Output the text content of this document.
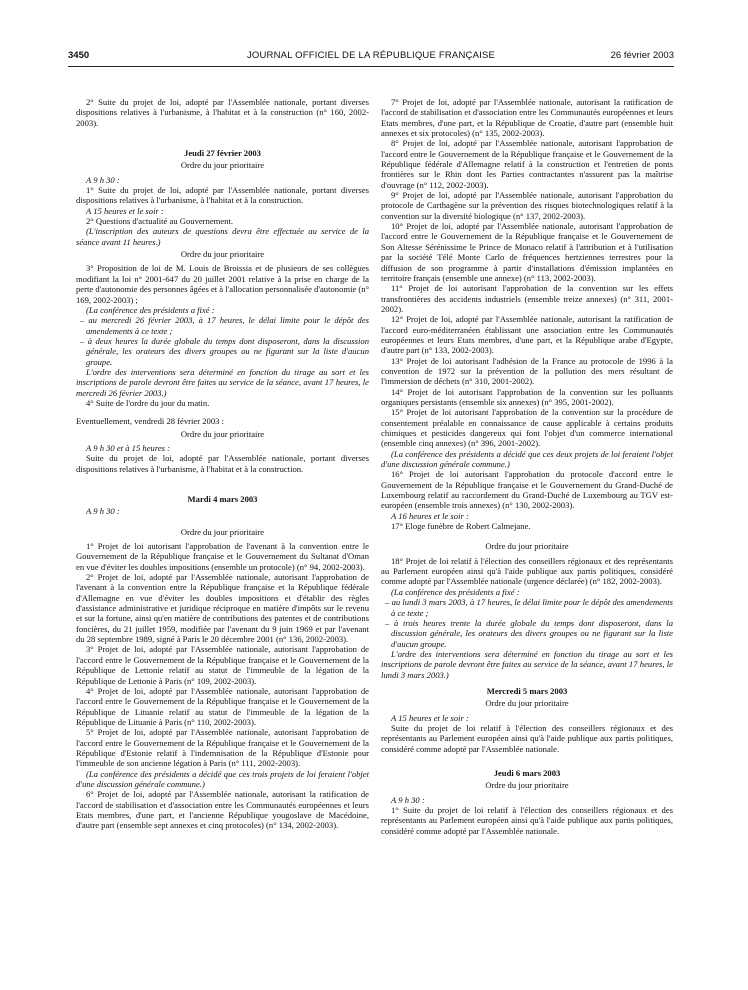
3450	JOURNAL OFFICIEL DE LA RÉPUBLIQUE FRANÇAISE	26 février 2003

2° Suite du projet de loi, adopté par l'Assemblée nationale, portant diverses dispositions relatives à l'urbanisme, à l'habitat et à la construction (n° 160, 2002-2003).

Jeudi 27 février 2003

Ordre du jour prioritaire

A 9 h 30 :

1° Suite du projet de loi, adopté par l'Assemblée nationale, portant diverses dispositions relatives à l'urbanisme, à l'habitat et à la construction.

A 15 heures et le soir :

2° Questions d'actualité au Gouvernement.

(L'inscription des auteurs de questions devra être effectuée au service de la séance avant 11 heures.)

Ordre du jour prioritaire

3° Proposition de loi de M. Louis de Broissia et de plusieurs de ses collègues modifiant la loi n° 2001-647 du 20 juillet 2001 relative à la prise en charge de la perte d'autonomie des personnes âgées et à l'allocation personnalisée d'autonomie (n° 169, 2002-2003) ;

(La conférence des présidents a fixé :

– au mercredi 26 février 2003, à 17 heures, le délai limite pour le dépôt des amendements à ce texte ;

– à deux heures la durée globale du temps dont disposeront, dans la discussion générale, les orateurs des divers groupes ou ne figurant sur la liste d'aucun groupe.

L'ordre des interventions sera déterminé en fonction du tirage au sort et les inscriptions de parole devront être faites au service de la séance, avant 17 heures, le mercredi 26 février 2003.)

4° Suite de l'ordre du jour du matin.

Eventuellement, vendredi 28 février 2003 :

Ordre du jour prioritaire

A 9 h 30 et à 15 heures :

Suite du projet de loi, adopté par l'Assemblée nationale, portant diverses dispositions relatives à l'urbanisme, à l'habitat et à la construction.

Mardi 4 mars 2003

A 9 h 30 :

Ordre du jour prioritaire

1° Projet de loi autorisant l'approbation de l'avenant à la convention entre le Gouvernement de la République française et le Gouvernement du Sultanat d'Oman en vue d'éviter les doubles impositions (ensemble un protocole) (n° 94, 2002-2003).

2° Projet de loi, adopté par l'Assemblée nationale, autorisant l'approbation de l'avenant à la convention entre la République française et la République fédérale d'Allemagne en vue d'éviter les doubles impositions et d'établir des règles d'assistance administrative et juridique réciproque en matière d'impôts sur le revenu et sur la fortune, ainsi qu'en matière de contributions des patentes et de contributions foncières, du 21 juillet 1959, modifiée par l'avenant du 9 juin 1969 et par l'avenant du 28 septembre 1989, signé à Paris le 20 décembre 2001 (n° 136, 2002-2003).

3° Projet de loi, adopté par l'Assemblée nationale, autorisant l'approbation de l'accord entre le Gouvernement de la République française et le Gouvernement de la République de Lettonie relatif au statut de l'immeuble de la légation de la République de Lettonie à Paris (n° 109, 2002-2003).

4° Projet de loi, adopté par l'Assemblée nationale, autorisant l'approbation de l'accord entre le Gouvernement de la République française et le Gouvernement de la République de Lituanie relatif au statut de l'immeuble de la légation de la République de Lituanie à Paris (n° 110, 2002-2003).

5° Projet de loi, adopté par l'Assemblée nationale, autorisant l'approbation de l'accord entre le Gouvernement de la République française et le Gouvernement de la République d'Estonie relatif à l'indemnisation de la République d'Estonie pour l'immeuble de son ancienne légation à Paris (n° 111, 2002-2003).

(La conférence des présidents a décidé que ces trois projets de loi feraient l'objet d'une discussion générale commune.)

6° Projet de loi, adopté par l'Assemblée nationale, autorisant la ratification de l'accord de stabilisation et d'association entre les Communautés européennes et leurs Etats membres, d'une part, et l'ancienne République yougoslave de Macédoine, d'autre part (ensemble sept annexes et cinq protocoles) (n° 134, 2002-2003).

7° Projet de loi, adopté par l'Assemblée nationale, autorisant la ratification de l'accord de stabilisation et d'association entre les Communautés européennes et leurs Etats membres, d'une part, et la République de Croatie, d'autre part (ensemble huit annexes et six protocoles) (n° 135, 2002-2003).

8° Projet de loi, adopté par l'Assemblée nationale, autorisant l'approbation de l'accord entre le Gouvernement de la République française et le Gouvernement de la République fédérale d'Allemagne relatif à la construction et l'entretien de ponts frontières sur le Rhin dont les Parties contractantes n'assurent pas la maîtrise d'ouvrage (n° 112, 2002-2003).

9° Projet de loi, adopté par l'Assemblée nationale, autorisant l'approbation du protocole de Carthagène sur la prévention des risques biotechnologiques relatif à la convention sur la diversité biologique (n° 137, 2002-2003).

10° Projet de loi, adopté par l'Assemblée nationale, autorisant l'approbation de l'accord entre le Gouvernement de la République française et le Gouvernement de Son Altesse Sérénissime le Prince de Monaco relatif à l'attribution et à l'utilisation par la société Télé Monte Carlo de fréquences hertziennes terrestres pour la diffusion de son programme à partir d'installations d'émission implantées en territoire français (ensemble une annexe) (n° 113, 2002-2003).

11° Projet de loi autorisant l'approbation de la convention sur les effets transfrontières des accidents industriels (ensemble treize annexes) (n° 311, 2001-2002).

12° Projet de loi, adopté par l'Assemblée nationale, autorisant la ratification de l'accord euro-méditerranéen établissant une association entre les Communautés européennes et leurs Etats membres, d'une part, et la République arabe d'Egypte, d'autre part (n° 133, 2002-2003).

13° Projet de loi autorisant l'adhésion de la France au protocole de 1996 à la convention de 1972 sur la prévention de la pollution des mers résultant de l'immersion de déchets (n° 310, 2001-2002).

14° Projet de loi autorisant l'approbation de la convention sur les polluants organiques persistants (ensemble six annexes) (n° 395, 2001-2002).

15° Projet de loi autorisant l'approbation de la convention sur la procédure de consentement préalable en connaissance de cause applicable à certains produits chimiques et pesticides dangereux qui font l'objet d'un commerce international (ensemble cinq annexes) (n° 396, 2001-2002).

(La conférence des présidents a décidé que ces deux projets de loi feraient l'objet d'une discussion générale commune.)

16° Projet de loi autorisant l'approbation du protocole d'accord entre le Gouvernement de la République française et le Gouvernement du Grand-Duché de Luxembourg relatif au raccordement du Grand-Duché de Luxembourg au TGV est-européen (ensemble trois annexes) (n° 130, 2002-2003).

A 16 heures et le soir :

17° Eloge funèbre de Robert Calmejane.

Ordre du jour prioritaire

18° Projet de loi relatif à l'élection des conseillers régionaux et des représentants au Parlement européen ainsi qu'à l'aide publique aux partis politiques, considéré comme adopté par l'Assemblée nationale (urgence déclarée) (n° 182, 2002-2003).

(La conférence des présidents a fixé :

– au lundi 3 mars 2003, à 17 heures, le délai limite pour le dépôt des amendements à ce texte ;

– à trois heures trente la durée globale du temps dont disposeront, dans la discussion générale, les orateurs des divers groupes ou ne figurant sur la liste d'aucun groupe.

L'ordre des interventions sera déterminé en fonction du tirage au sort et les inscriptions de parole devront être faites au service de la séance, avant 17 heures, le lundi 3 mars 2003.)

Mercredi 5 mars 2003

Ordre du jour prioritaire

A 15 heures et le soir :

Suite du projet de loi relatif à l'élection des conseillers régionaux et des représentants au Parlement européen ainsi qu'à l'aide publique aux partis politiques, considéré comme adopté par l'Assemblée nationale.

Jeudi 6 mars 2003

Ordre du jour prioritaire

A 9 h 30 :

1° Suite du projet de loi relatif à l'élection des conseillers régionaux et des représentants au Parlement européen ainsi qu'à l'aide publique aux partis politiques, considéré comme adopté par l'Assemblée nationale.
